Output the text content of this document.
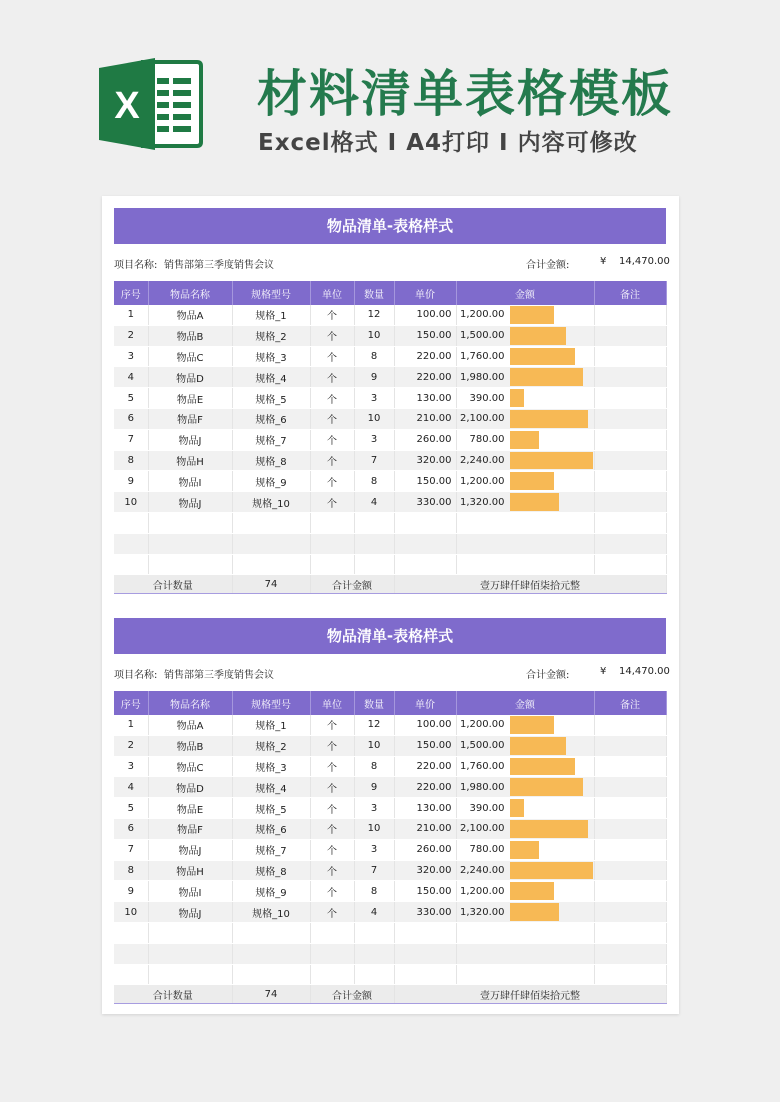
X 材料清单表格模板
Excel格式 I A4打印 I 内容可修改
物品清单-表格样式
项目名称: 销售部第三季度销售会议	合计金额:	¥ 14,470.00
序号	物品名称	规格型号	单位	数量	单价	金额	备注
1	物品A	规格_1	个	12	100.00	1,200.00

2	物品B	规格_2	个	10	150.00	1,500.00

3	物品C	规格_3	个	8	220.00	1,760.00

4	物品D	规格_4	个	9	220.00	1,980.00

5	物品E	规格_5	个	3	130.00	390.00

6	物品F	规格_6	个	10	210.00	2,100.00

7	物品J	规格_7	个	3	260.00	780.00

8	物品H	规格_8	个	7	320.00	2,240.00

9	物品I	规格_9	个	8	150.00	1,200.00

10	物品J	规格_10	个	4	330.00	1,320.00

合计数量		74	合计金额		壹万肆仟肆佰柒拾元整		
物品清单-表格样式
项目名称: 销售部第三季度销售会议	合计金额:	¥ 14,470.00
序号	物品名称	规格型号	单位	数量	单价	金额	备注
1	物品A	规格_1	个	12	100.00	1,200.00

2	物品B	规格_2	个	10	150.00	1,500.00

3	物品C	规格_3	个	8	220.00	1,760.00

4	物品D	规格_4	个	9	220.00	1,980.00

5	物品E	规格_5	个	3	130.00	390.00

6	物品F	规格_6	个	10	210.00	2,100.00

7	物品J	规格_7	个	3	260.00	780.00

8	物品H	规格_8	个	7	320.00	2,240.00

9	物品I	规格_9	个	8	150.00	1,200.00

10	物品J	规格_10	个	4	330.00	1,320.00

合计数量		74	合计金额		壹万肆仟肆佰柒拾元整		
